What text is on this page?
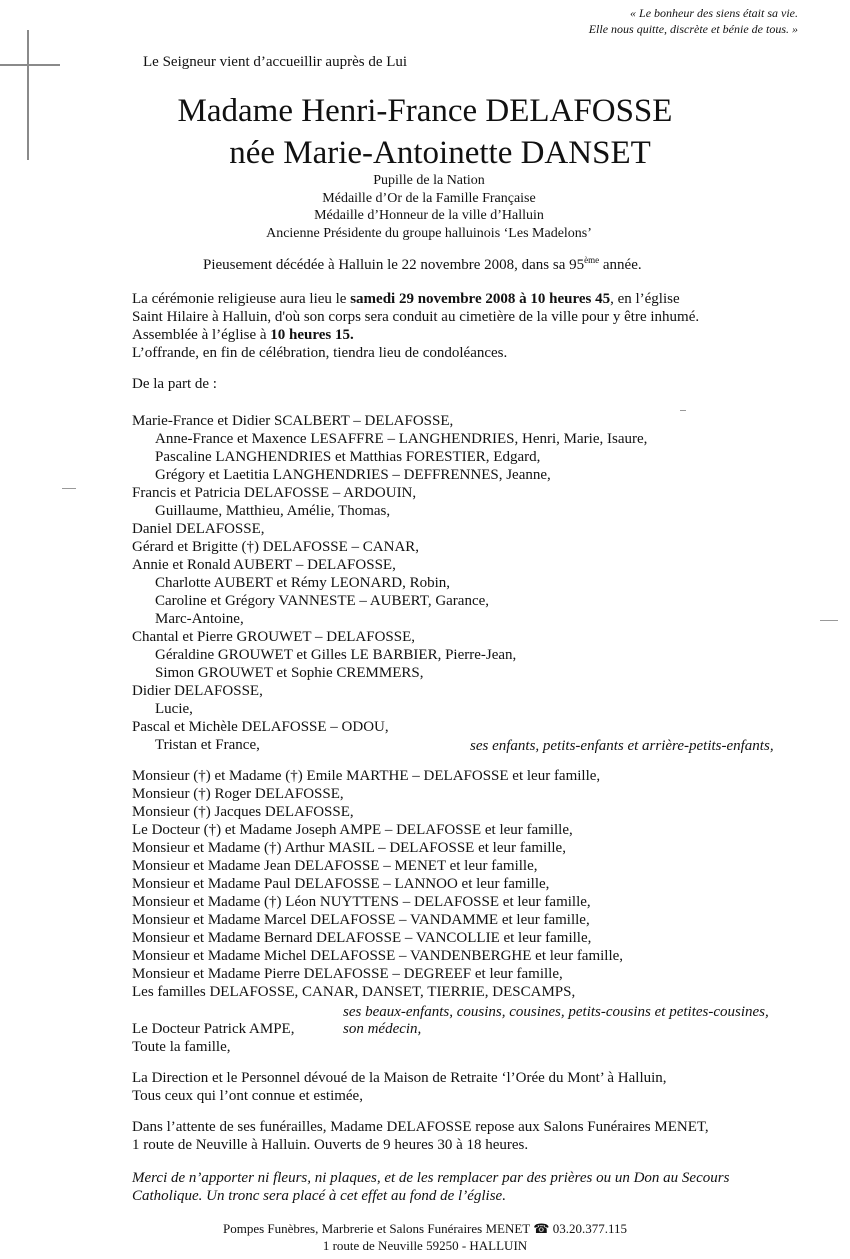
« Le bonheur des siens était sa vie.
Elle nous quitte, discrète et bénie de tous. »
Le Seigneur vient d’accueillir auprès de Lui
Madame Henri-France DELAFOSSE
née Marie-Antoinette DANSET
Pupille de la Nation
Médaille d’Or de la Famille Française
Médaille d’Honneur de la ville d’Halluin
Ancienne Présidente du groupe halluinois ‘Les Madelons’
Pieusement décédée à Halluin le 22 novembre 2008, dans sa 95ème année.
La cérémonie religieuse aura lieu le samedi 29 novembre 2008 à 10 heures 45, en l’église
Saint Hilaire à Halluin, d'où son corps sera conduit au cimetière de la ville pour y être inhumé.
Assemblée à l’église à 10 heures 15.
L’offrande, en fin de célébration, tiendra lieu de condoléances.
De la part de :
Marie-France et Didier SCALBERT – DELAFOSSE,
Anne-France et Maxence LESAFFRE – LANGHENDRIES, Henri, Marie, Isaure,
Pascaline LANGHENDRIES et Matthias FORESTIER, Edgard,
Grégory et Laetitia LANGHENDRIES – DEFFRENNES, Jeanne,
Francis et Patricia DELAFOSSE – ARDOUIN,
Guillaume, Matthieu, Amélie, Thomas,
Daniel DELAFOSSE,
Gérard et Brigitte (†) DELAFOSSE – CANAR,
Annie et Ronald AUBERT – DELAFOSSE,
Charlotte AUBERT et Rémy LEONARD, Robin,
Caroline et Grégory VANNESTE – AUBERT, Garance,
Marc-Antoine,
Chantal et Pierre GROUWET – DELAFOSSE,
Géraldine GROUWET et Gilles LE BARBIER, Pierre-Jean,
Simon GROUWET et Sophie CREMMERS,
Didier DELAFOSSE,
Lucie,
Pascal et Michèle DELAFOSSE – ODOU,
Tristan et France,	ses enfants, petits-enfants et arrière-petits-enfants,
Monsieur (†) et Madame (†) Emile MARTHE – DELAFOSSE et leur famille,
Monsieur (†) Roger DELAFOSSE,
Monsieur (†) Jacques DELAFOSSE,
Le Docteur (†) et Madame Joseph AMPE – DELAFOSSE et leur famille,
Monsieur et Madame (†) Arthur MASIL – DELAFOSSE et leur famille,
Monsieur et Madame Jean DELAFOSSE – MENET et leur famille,
Monsieur et Madame Paul DELAFOSSE – LANNOO et leur famille,
Monsieur et Madame (†) Léon NUYTTENS – DELAFOSSE et leur famille,
Monsieur et Madame Marcel DELAFOSSE – VANDAMME et leur famille,
Monsieur et Madame Bernard DELAFOSSE – VANCOLLIE et leur famille,
Monsieur et Madame Michel DELAFOSSE – VANDENBERGHE et leur famille,
Monsieur et Madame Pierre DELAFOSSE – DEGREEF et leur famille,
Les familles DELAFOSSE, CANAR, DANSET, TIERRIE, DESCAMPS,
ses beaux-enfants, cousins, cousines, petits-cousins et petites-cousines,
Le Docteur Patrick AMPE,	son médecin,
Toute la famille,
La Direction et le Personnel dévoué de la Maison de Retraite ‘l’Orée du Mont’ à Halluin,
Tous ceux qui l’ont connue et estimée,
Dans l’attente de ses funérailles, Madame DELAFOSSE repose aux Salons Funéraires MENET,
1 route de Neuville à Halluin. Ouverts de 9 heures 30 à 18 heures.
Merci de n’apporter ni fleurs, ni plaques, et de les remplacer par des prières ou un Don au Secours
Catholique. Un tronc sera placé à cet effet au fond de l’église.
Pompes Funèbres, Marbrerie et Salons Funéraires MENET ☎ 03.20.377.115
1 route de Neuville 59250 - HALLUIN
